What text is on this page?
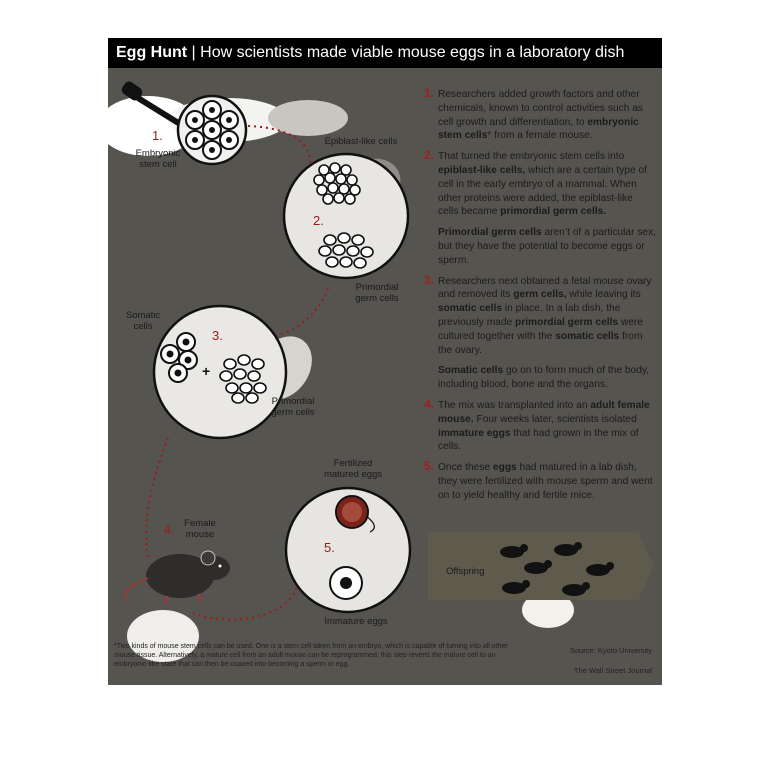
Egg Hunt | How scientists made viable mouse eggs in a laboratory dish
+
1.
Embryonic stem cell
Epiblast-like cells
2.
Primordial germ cells
Somatic cells
3.
Primordial germ cells
Fertilized matured eggs
4. Female mouse
5.
Immature eggs
Offspring
1. Researchers added growth factors and other chemicals, known to control activities such as cell growth and differentiation, to embryonic stem cells* from a female mouse.
2. That turned the embryonic stem cells into epiblast-like cells, which are a certain type of cell in the early embryo of a mammal. When other proteins were added, the epiblast-like cells became primordial germ cells.
Primordial germ cells aren’t of a particular sex, but they have the potential to become eggs or sperm.
3. Researchers next obtained a fetal mouse ovary and removed its germ cells, while leaving its somatic cells in place. In a lab dish, the previously made primordial germ cells were cultured together with the somatic cells from the ovary.
Somatic cells go on to form much of the body, including blood, bone and the organs.
4. The mix was transplanted into an adult female mouse. Four weeks later, scientists isolated immature eggs that had grown in the mix of cells.
5. Once these eggs had matured in a lab dish, they were fertilized with mouse sperm and went on to yield healthy and fertile mice.
*Two kinds of mouse stem cells can be used. One is a stem cell taken from an embryo, which is capable of turning into all other mouse tissue. Alternatively, a mature cell from an adult mouse can be reprogrammed; this step reverts the mature cell to an embryonic-like state that can then be coaxed into becoming a sperm or egg.
Source: Kyoto University
The Wall Street Journal
